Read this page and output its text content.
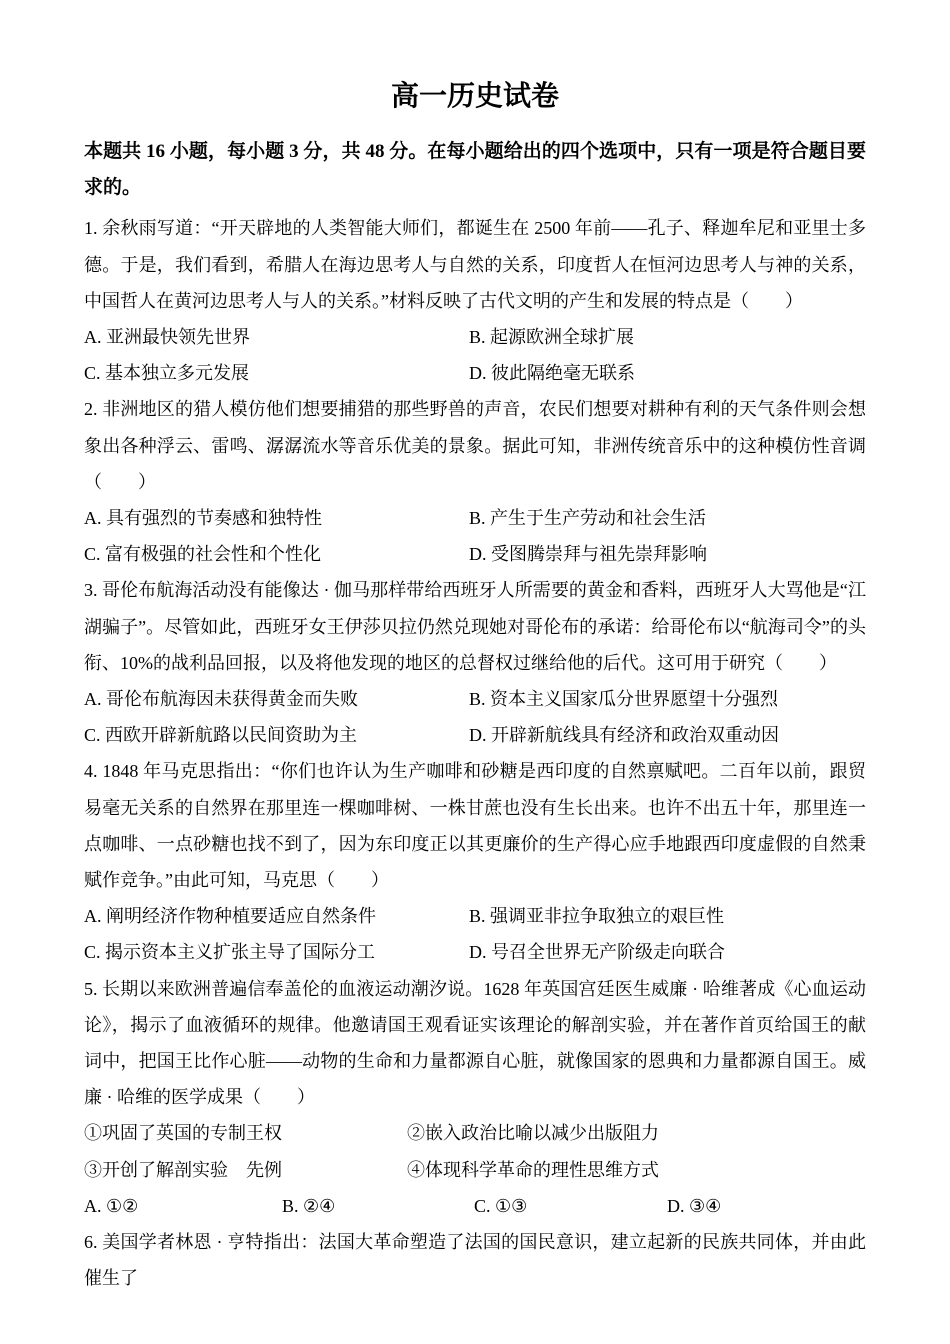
高一历史试卷

本题共 16 小题，每小题 3 分，共 48 分。在每小题给出的四个选项中，只有一项是符合题目要求的。

1. 余秋雨写道：“开天辟地的人类智能大师们，都诞生在 2500 年前——孔子、释迦牟尼和亚里士多德。于是，我们看到，希腊人在海边思考人与自然的关系，印度哲人在恒河边思考人与神的关系，中国哲人在黄河边思考人与人的关系。”材料反映了古代文明的产生和发展的特点是（　　）

A. 亚洲最快领先世界	B. 起源欧洲全球扩展
C. 基本独立多元发展	D. 彼此隔绝毫无联系

2. 非洲地区的猎人模仿他们想要捕猎的那些野兽的声音，农民们想要对耕种有利的天气条件则会想象出各种浮云、雷鸣、潺潺流水等音乐优美的景象。据此可知，非洲传统音乐中的这种模仿性音调（　　）

A. 具有强烈的节奏感和独特性	B. 产生于生产劳动和社会生活
C. 富有极强的社会性和个性化	D. 受图腾崇拜与祖先崇拜影响

3. 哥伦布航海活动没有能像达 · 伽马那样带给西班牙人所需要的黄金和香料，西班牙人大骂他是“江湖骗子”。尽管如此，西班牙女王伊莎贝拉仍然兑现她对哥伦布的承诺：给哥伦布以“航海司令”的头衔、10%的战利品回报，以及将他发现的地区的总督权过继给他的后代。这可用于研究（　　）

A. 哥伦布航海因未获得黄金而失败	B. 资本主义国家瓜分世界愿望十分强烈
C. 西欧开辟新航路以民间资助为主	D. 开辟新航线具有经济和政治双重动因

4. 1848 年马克思指出：“你们也许认为生产咖啡和砂糖是西印度的自然禀赋吧。二百年以前，跟贸易毫无关系的自然界在那里连一棵咖啡树、一株甘蔗也没有生长出来。也许不出五十年，那里连一点咖啡、一点砂糖也找不到了，因为东印度正以其更廉价的生产得心应手地跟西印度虚假的自然秉赋作竞争。”由此可知，马克思（　　）

A. 阐明经济作物种植要适应自然条件	B. 强调亚非拉争取独立的艰巨性
C. 揭示资本主义扩张主导了国际分工	D. 号召全世界无产阶级走向联合

5. 长期以来欧洲普遍信奉盖伦的血液运动潮汐说。1628 年英国宫廷医生威廉 · 哈维著成《心血运动论》，揭示了血液循环的规律。他邀请国王观看证实该理论的解剖实验，并在著作首页给国王的献词中，把国王比作心脏——动物的生命和力量都源自心脏，就像国家的恩典和力量都源自国王。威廉 · 哈维的医学成果（　　）

①巩固了英国的专制王权	②嵌入政治比喻以减少出版阻力
③开创了解剖实验　先例	④体现科学革命的理性思维方式
A. ①②	B. ②④	C. ①③	D. ③④

6. 美国学者林恩 · 亨特指出：法国大革命塑造了法国的国民意识，建立起新的民族共同体，并由此催生了
